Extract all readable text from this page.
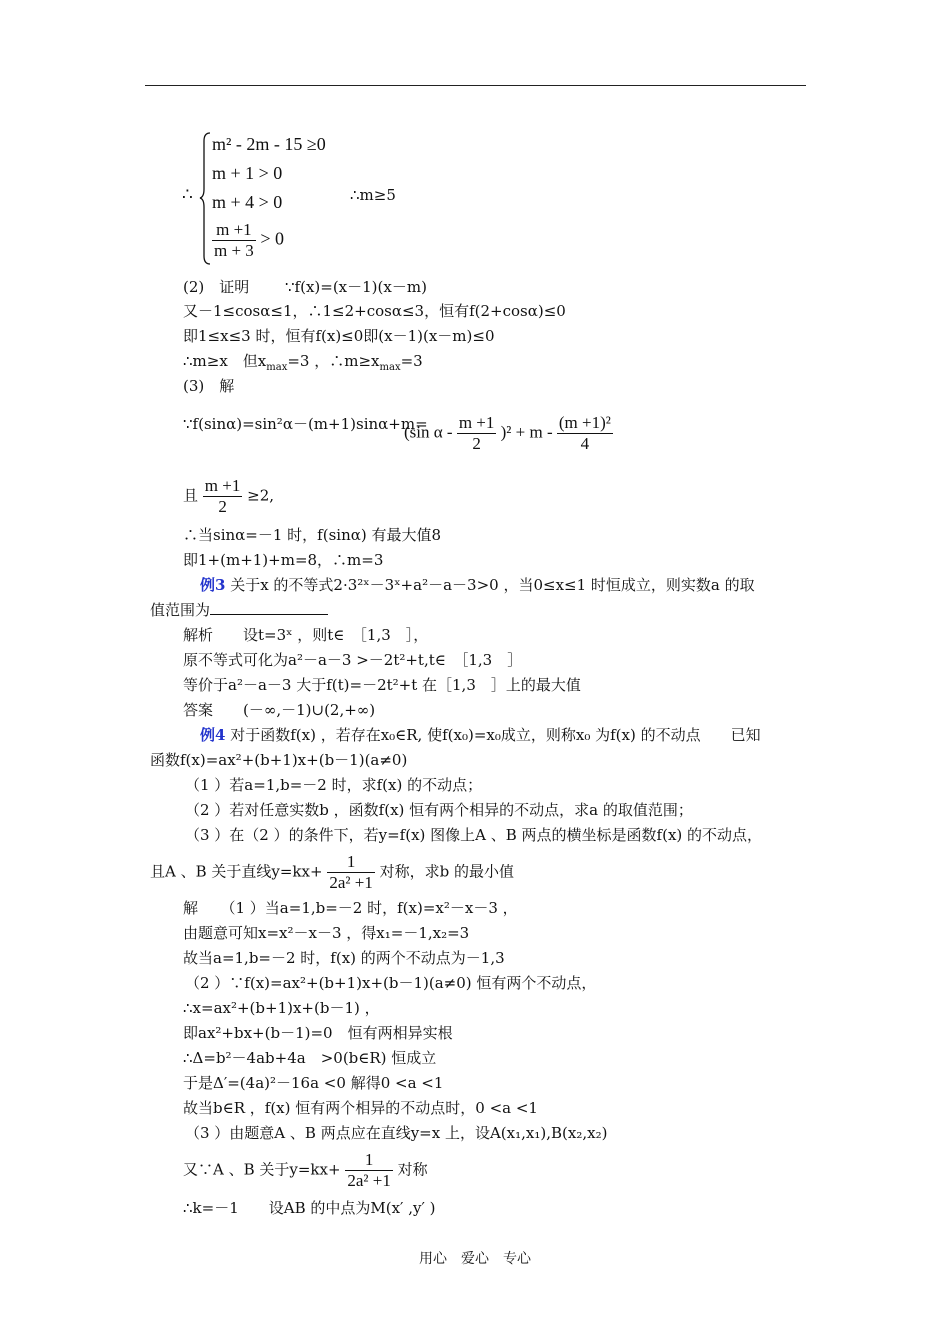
∴
m² - 2m - 15 ≥0
m + 1 > 0
m + 4 > 0
$\frac{m +1}{m + 3} > 0$
∴m≥5
(2)　证明 ∵f(x)=(x－1)(x－m)
又－1≤cosα≤1，∴1≤2+cosα≤3，恒有f(2+cosα)≤0
即1≤x≤3 时，恒有f(x)≤0即(x－1)(x－m)≤0
∴m≥x　但$x_{max}=3$ ，$\therefore m\ge x_{max}=3$
(3)　解
∵f(sinα)=sin²α－(m+1)sinα+m=
(sin $\alpha - \frac{m +1}{2} )^2 + m - \frac{\text{(m +1)²}}{4}$
且 $\frac{m +1}{2} \ge 2$,
∴当sinα=－1 时，f(sinα) 有最大值8
即1+(m+1)+m=8，∴m=3
例3 关于x 的不等式2·3²ˣ－3ˣ+a²－a－3>0 ，当0≤x≤1 时恒成立，则实数a 的取
值范围为
解析　　设t=3ˣ ，则t∈　［1,3　］，
原不等式可化为a²－a－3 >－2t²+t,t∈　［1,3　］
等价于a²－a－3 大于f(t)=－2t²+t 在［1,3　］上的最大值
答案　　(－∞,－1)∪(2,+∞)
例4 对于函数f(x) ，若存在x₀∈R, 使f(x₀)=x₀成立，则称x₀ 为f(x) 的不动点　　已知
函数f(x)=ax²+(b+1)x+(b－1)(a≠0)
（1 ）若a=1,b=－2 时，求f(x) 的不动点；
（2 ）若对任意实数b ，函数f(x) 恒有两个相异的不动点，求a 的取值范围；
（3 ）在（2 ）的条件下，若y=f(x) 图像上A 、B 两点的横坐标是函数f(x) 的不动点，
且A 、B 关于直线$y=kx+ \frac{1}{\text{2a² +1}}$ 对称，求b 的最小值
解　　（1 ）当a=1,b=－2 时，f(x)=x²－x－3 ，
由题意可知x=x²－x－3 ，得x₁=－1,x₂=3
故当a=1,b=－2 时，f(x) 的两个不动点为－1,3
（2 ）∵f(x)=ax²+(b+1)x+(b－1)(a≠0) 恒有两个不动点，
∴x=ax²+(b+1)x+(b－1) ，
即ax²+bx+(b－1)=0　恒有两相异实根
∴Δ=b²－4ab+4a　>0(b∈R) 恒成立
于是Δ′=(4a)²－16a <0 解得0 <a <1
故当b∈R ，f(x) 恒有两个相异的不动点时，0 <a <1
（3 ）由题意A 、B 两点应在直线y=x 上，设A(x₁,x₁),B(x₂,x₂)
又∵A 、B 关于$y=kx+ \frac{1}{\text{2a² +1}}$ 对称
∴k=－1　　设AB 的中点为M(x′ ,y′ )
用心　爱心　专心
